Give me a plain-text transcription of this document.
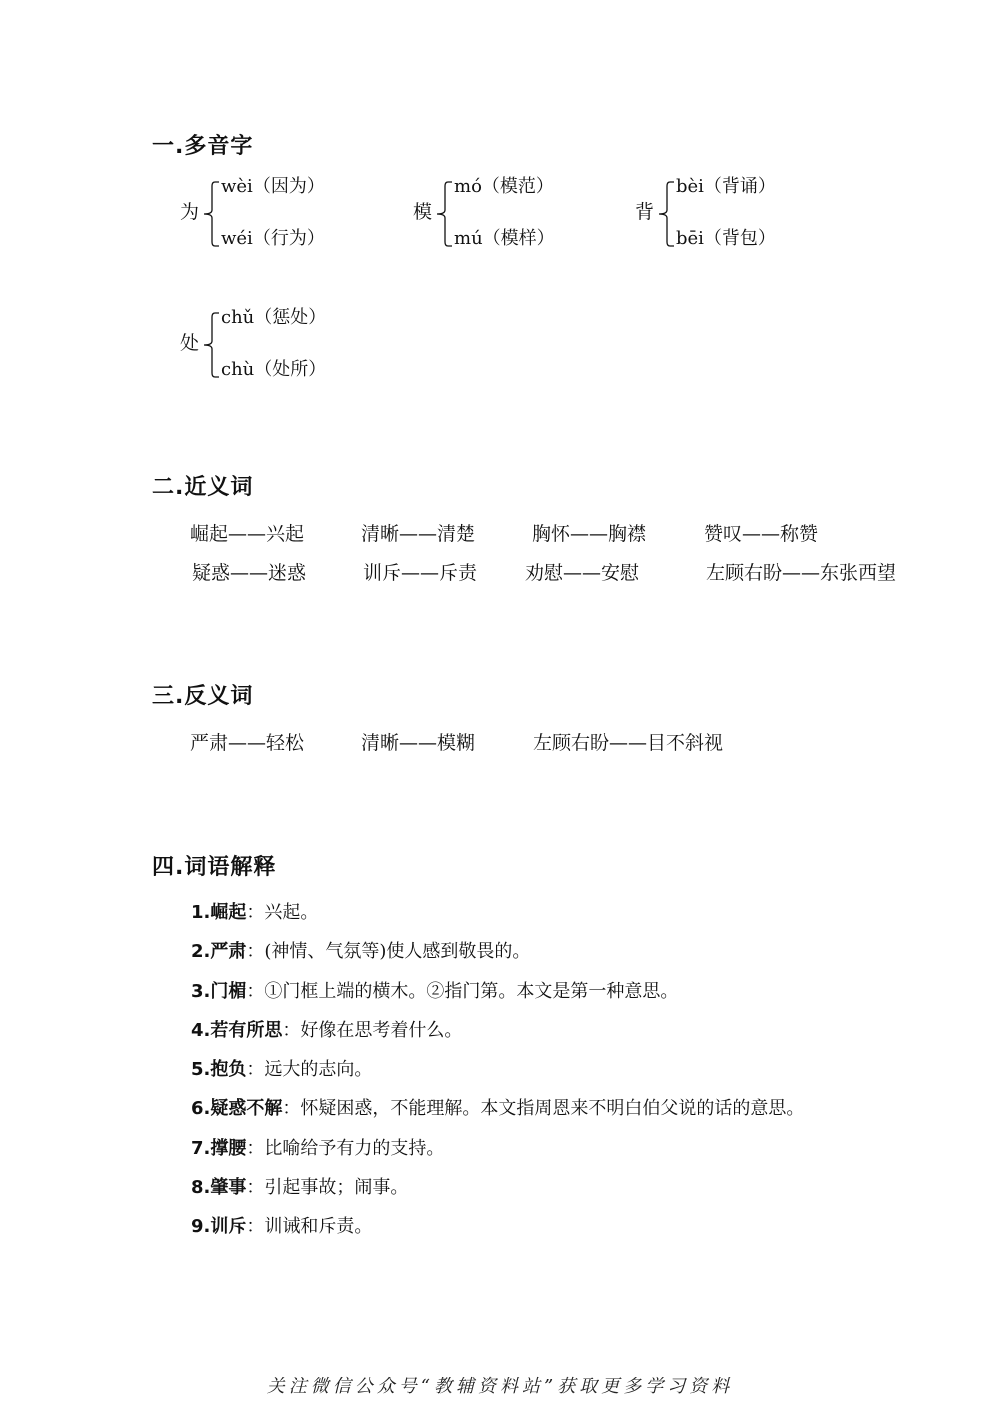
一.多音字
为
wèi（因为）
wéi（行为）
模
mó（模范）
mú（模样）
背
bèi（背诵）
bēi（背包）
处
chǔ（惩处）
chù（处所）
二.近义词
崛起——兴起	清晰——清楚	胸怀——胸襟	赞叹——称赞
疑惑——迷惑	训斥——斥责	劝慰——安慰	左顾右盼——东张西望
三.反义词
严肃——轻松	清晰——模糊	左顾右盼——目不斜视
四.词语解释
1.崛起：兴起。
2.严肃：(神情、气氛等)使人感到敬畏的。
3.门楣：①门框上端的横木。②指门第。本文是第一种意思。
4.若有所思：好像在思考着什么。
5.抱负：远大的志向。
6.疑惑不解：怀疑困惑，不能理解。本文指周恩来不明白伯父说的话的意思。
7.撑腰：比喻给予有力的支持。
8.肇事：引起事故；闹事。
9.训斥：训诫和斥责。
关注微信公众号“教辅资料站”获取更多学习资料
